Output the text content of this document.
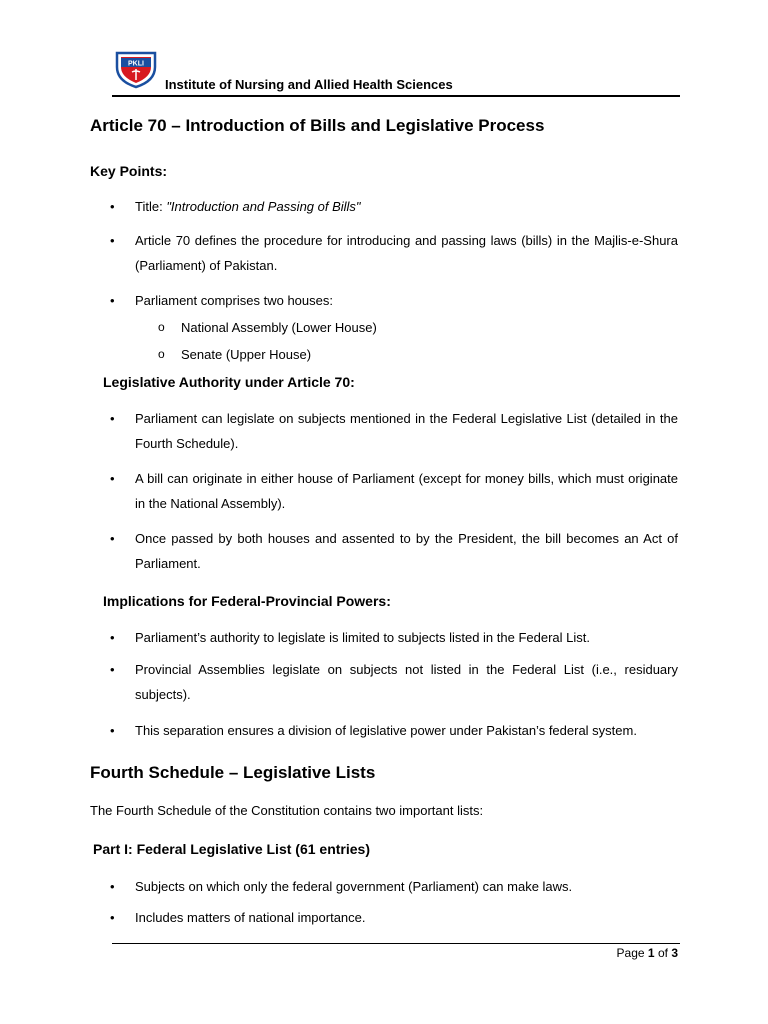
PKLI
Institute of Nursing and Allied Health Sciences
Article 70 – Introduction of Bills and Legislative Process
Key Points:
• Title: "Introduction and Passing of Bills"
• Article 70 defines the procedure for introducing and passing laws (bills) in the Majlis-e-Shura (Parliament) of Pakistan.
• Parliament comprises two houses:
o National Assembly (Lower House)
o Senate (Upper House)
Legislative Authority under Article 70:
• Parliament can legislate on subjects mentioned in the Federal Legislative List (detailed in the Fourth Schedule).
• A bill can originate in either house of Parliament (except for money bills, which must originate in the National Assembly).
• Once passed by both houses and assented to by the President, the bill becomes an Act of Parliament.
Implications for Federal-Provincial Powers:
• Parliament’s authority to legislate is limited to subjects listed in the Federal List.
• Provincial Assemblies legislate on subjects not listed in the Federal List (i.e., residuary subjects).
• This separation ensures a division of legislative power under Pakistan’s federal system.
Fourth Schedule – Legislative Lists
The Fourth Schedule of the Constitution contains two important lists:
Part I: Federal Legislative List (61 entries)
• Subjects on which only the federal government (Parliament) can make laws.
• Includes matters of national importance.
Page 1 of 3
